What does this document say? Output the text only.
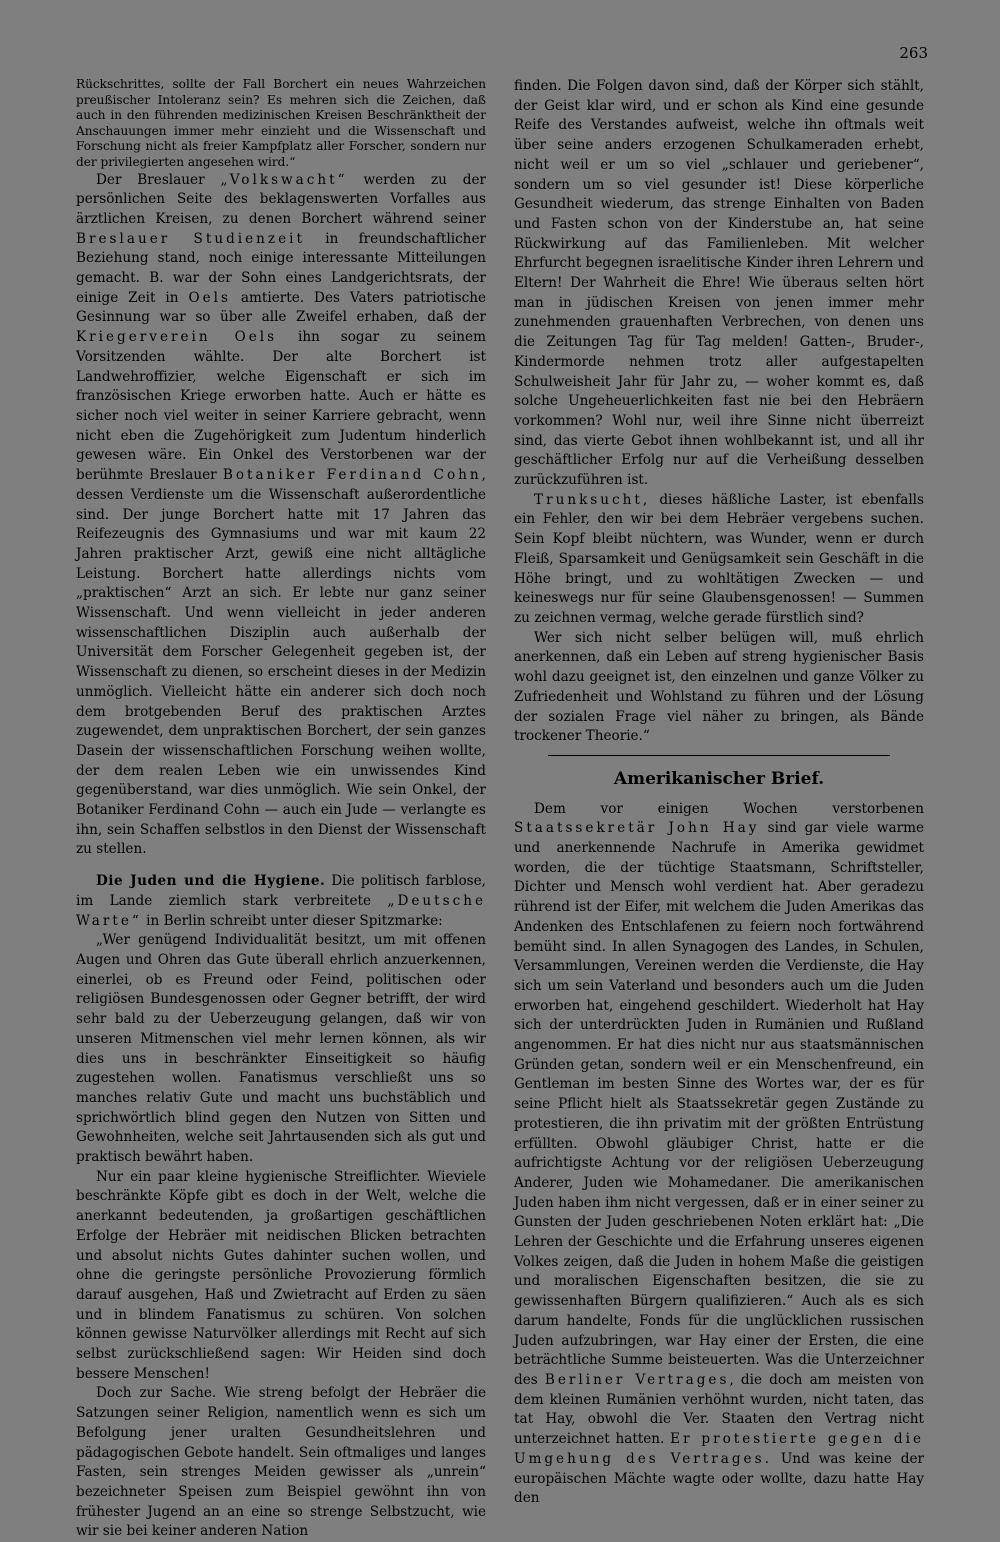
263

Rückschrittes, sollte der Fall Borchert ein neues Wahrzeichen preußischer Intoleranz sein? Es mehren sich die Zeichen, daß auch in den führenden medizinischen Kreisen Beschränktheit der Anschauungen immer mehr einzieht und die Wissenschaft und Forschung nicht als freier Kampfplatz aller Forscher, sondern nur der privilegierten angesehen wird.“

Der Breslauer „Volkswacht“ werden zu der persönlichen Seite des beklagenswerten Vorfalles aus ärztlichen Kreisen, zu denen Borchert während seiner Breslauer Studienzeit in freundschaftlicher Beziehung stand, noch einige interessante Mitteilungen gemacht. B. war der Sohn eines Landgerichtsrats, der einige Zeit in Oels amtierte. Des Vaters patriotische Gesinnung war so über alle Zweifel erhaben, daß der Kriegerverein Oels ihn sogar zu seinem Vorsitzenden wählte. Der alte Borchert ist Landwehroffizier, welche Eigenschaft er sich im französischen Kriege erworben hatte. Auch er hätte es sicher noch viel weiter in seiner Karriere gebracht, wenn nicht eben die Zugehörigkeit zum Judentum hinderlich gewesen wäre. Ein Onkel des Verstorbenen war der berühmte Breslauer Botaniker Ferdinand Cohn, dessen Verdienste um die Wissenschaft außerordentliche sind. Der junge Borchert hatte mit 17 Jahren das Reifezeugnis des Gymnasiums und war mit kaum 22 Jahren praktischer Arzt, gewiß eine nicht alltägliche Leistung. Borchert hatte allerdings nichts vom „praktischen“ Arzt an sich. Er lebte nur ganz seiner Wissenschaft. Und wenn vielleicht in jeder anderen wissenschaftlichen Disziplin auch außerhalb der Universität dem Forscher Gelegenheit gegeben ist, der Wissenschaft zu dienen, so erscheint dieses in der Medizin unmöglich. Vielleicht hätte ein anderer sich doch noch dem brotgebenden Beruf des praktischen Arztes zugewendet, dem unpraktischen Borchert, der sein ganzes Dasein der wissenschaftlichen Forschung weihen wollte, der dem realen Leben wie ein unwissendes Kind gegenüberstand, war dies unmöglich. Wie sein Onkel, der Botaniker Ferdinand Cohn — auch ein Jude — verlangte es ihn, sein Schaffen selbstlos in den Dienst der Wissenschaft zu stellen.

Die Juden und die Hygiene. Die politisch farblose, im Lande ziemlich stark verbreitete „Deutsche Warte“ in Berlin schreibt unter dieser Spitzmarke:

„Wer genügend Individualität besitzt, um mit offenen Augen und Ohren das Gute überall ehrlich anzuerkennen, einerlei, ob es Freund oder Feind, politischen oder religiösen Bundesgenossen oder Gegner betrifft, der wird sehr bald zu der Ueberzeugung gelangen, daß wir von unseren Mitmenschen viel mehr lernen können, als wir dies uns in beschränkter Einseitigkeit so häufig zugestehen wollen. Fanatismus verschließt uns so manches relativ Gute und macht uns buchstäblich und sprichwörtlich blind gegen den Nutzen von Sitten und Gewohnheiten, welche seit Jahrtausenden sich als gut und praktisch bewährt haben.

Nur ein paar kleine hygienische Streiflichter. Wieviele beschränkte Köpfe gibt es doch in der Welt, welche die anerkannt bedeutenden, ja großartigen geschäftlichen Erfolge der Hebräer mit neidischen Blicken betrachten und absolut nichts Gutes dahinter suchen wollen, und ohne die geringste persönliche Provozierung förmlich darauf ausgehen, Haß und Zwietracht auf Erden zu säen und in blindem Fanatismus zu schüren. Von solchen können gewisse Naturvölker allerdings mit Recht auf sich selbst zurückschließend sagen: Wir Heiden sind doch bessere Menschen!

Doch zur Sache. Wie streng befolgt der Hebräer die Satzungen seiner Religion, namentlich wenn es sich um Befolgung jener uralten Gesundheitslehren und pädagogischen Gebote handelt. Sein oftmaliges und langes Fasten, sein strenges Meiden gewisser als „unrein“ bezeichneter Speisen zum Beispiel gewöhnt ihn von frühester Jugend an an eine so strenge Selbstzucht, wie wir sie bei keiner anderen Nation

finden. Die Folgen davon sind, daß der Körper sich stählt, der Geist klar wird, und er schon als Kind eine gesunde Reife des Verstandes aufweist, welche ihn oftmals weit über seine anders erzogenen Schulkameraden erhebt, nicht weil er um so viel „schlauer und geriebener“, sondern um so viel gesunder ist! Diese körperliche Gesundheit wiederum, das strenge Einhalten von Baden und Fasten schon von der Kinderstube an, hat seine Rückwirkung auf das Familienleben. Mit welcher Ehrfurcht begegnen israelitische Kinder ihren Lehrern und Eltern! Der Wahrheit die Ehre! Wie überaus selten hört man in jüdischen Kreisen von jenen immer mehr zunehmenden grauenhaften Verbrechen, von denen uns die Zeitungen Tag für Tag melden! Gatten-, Bruder-, Kindermorde nehmen trotz aller aufgestapelten Schulweisheit Jahr für Jahr zu, — woher kommt es, daß solche Ungeheuerlichkeiten fast nie bei den Hebräern vorkommen? Wohl nur, weil ihre Sinne nicht überreizt sind, das vierte Gebot ihnen wohlbekannt ist, und all ihr geschäftlicher Erfolg nur auf die Verheißung desselben zurückzuführen ist.

Trunksucht, dieses häßliche Laster, ist ebenfalls ein Fehler, den wir bei dem Hebräer vergebens suchen. Sein Kopf bleibt nüchtern, was Wunder, wenn er durch Fleiß, Sparsamkeit und Genügsamkeit sein Geschäft in die Höhe bringt, und zu wohltätigen Zwecken — und keineswegs nur für seine Glaubensgenossen! — Summen zu zeichnen vermag, welche gerade fürstlich sind?

Wer sich nicht selber belügen will, muß ehrlich anerkennen, daß ein Leben auf streng hygienischer Basis wohl dazu geeignet ist, den einzelnen und ganze Völker zu Zufriedenheit und Wohlstand zu führen und der Lösung der sozialen Frage viel näher zu bringen, als Bände trockener Theorie.“

Amerikanischer Brief.

Dem vor einigen Wochen verstorbenen Staatssekretär John Hay sind gar viele warme und anerkennende Nachrufe in Amerika gewidmet worden, die der tüchtige Staatsmann, Schriftsteller, Dichter und Mensch wohl verdient hat. Aber geradezu rührend ist der Eifer, mit welchem die Juden Amerikas das Andenken des Entschlafenen zu feiern noch fortwährend bemüht sind. In allen Synagogen des Landes, in Schulen, Versammlungen, Vereinen werden die Verdienste, die Hay sich um sein Vaterland und besonders auch um die Juden erworben hat, eingehend geschildert. Wiederholt hat Hay sich der unterdrückten Juden in Rumänien und Rußland angenommen. Er hat dies nicht nur aus staatsmännischen Gründen getan, sondern weil er ein Menschenfreund, ein Gentleman im besten Sinne des Wortes war, der es für seine Pflicht hielt als Staatssekretär gegen Zustände zu protestieren, die ihn privatim mit der größten Entrüstung erfüllten. Obwohl gläubiger Christ, hatte er die aufrichtigste Achtung vor der religiösen Ueberzeugung Anderer, Juden wie Mohamedaner. Die amerikanischen Juden haben ihm nicht vergessen, daß er in einer seiner zu Gunsten der Juden geschriebenen Noten erklärt hat: „Die Lehren der Geschichte und die Erfahrung unseres eigenen Volkes zeigen, daß die Juden in hohem Maße die geistigen und moralischen Eigenschaften besitzen, die sie zu gewissenhaften Bürgern qualifizieren.“ Auch als es sich darum handelte, Fonds für die unglücklichen russischen Juden aufzubringen, war Hay einer der Ersten, die eine beträchtliche Summe beisteuerten. Was die Unterzeichner des Berliner Vertrages, die doch am meisten von dem kleinen Rumänien verhöhnt wurden, nicht taten, das tat Hay, obwohl die Ver. Staaten den Vertrag nicht unterzeichnet hatten. Er protestierte gegen die Umgehung des Vertrages. Und was keine der europäischen Mächte wagte oder wollte, dazu hatte Hay den
